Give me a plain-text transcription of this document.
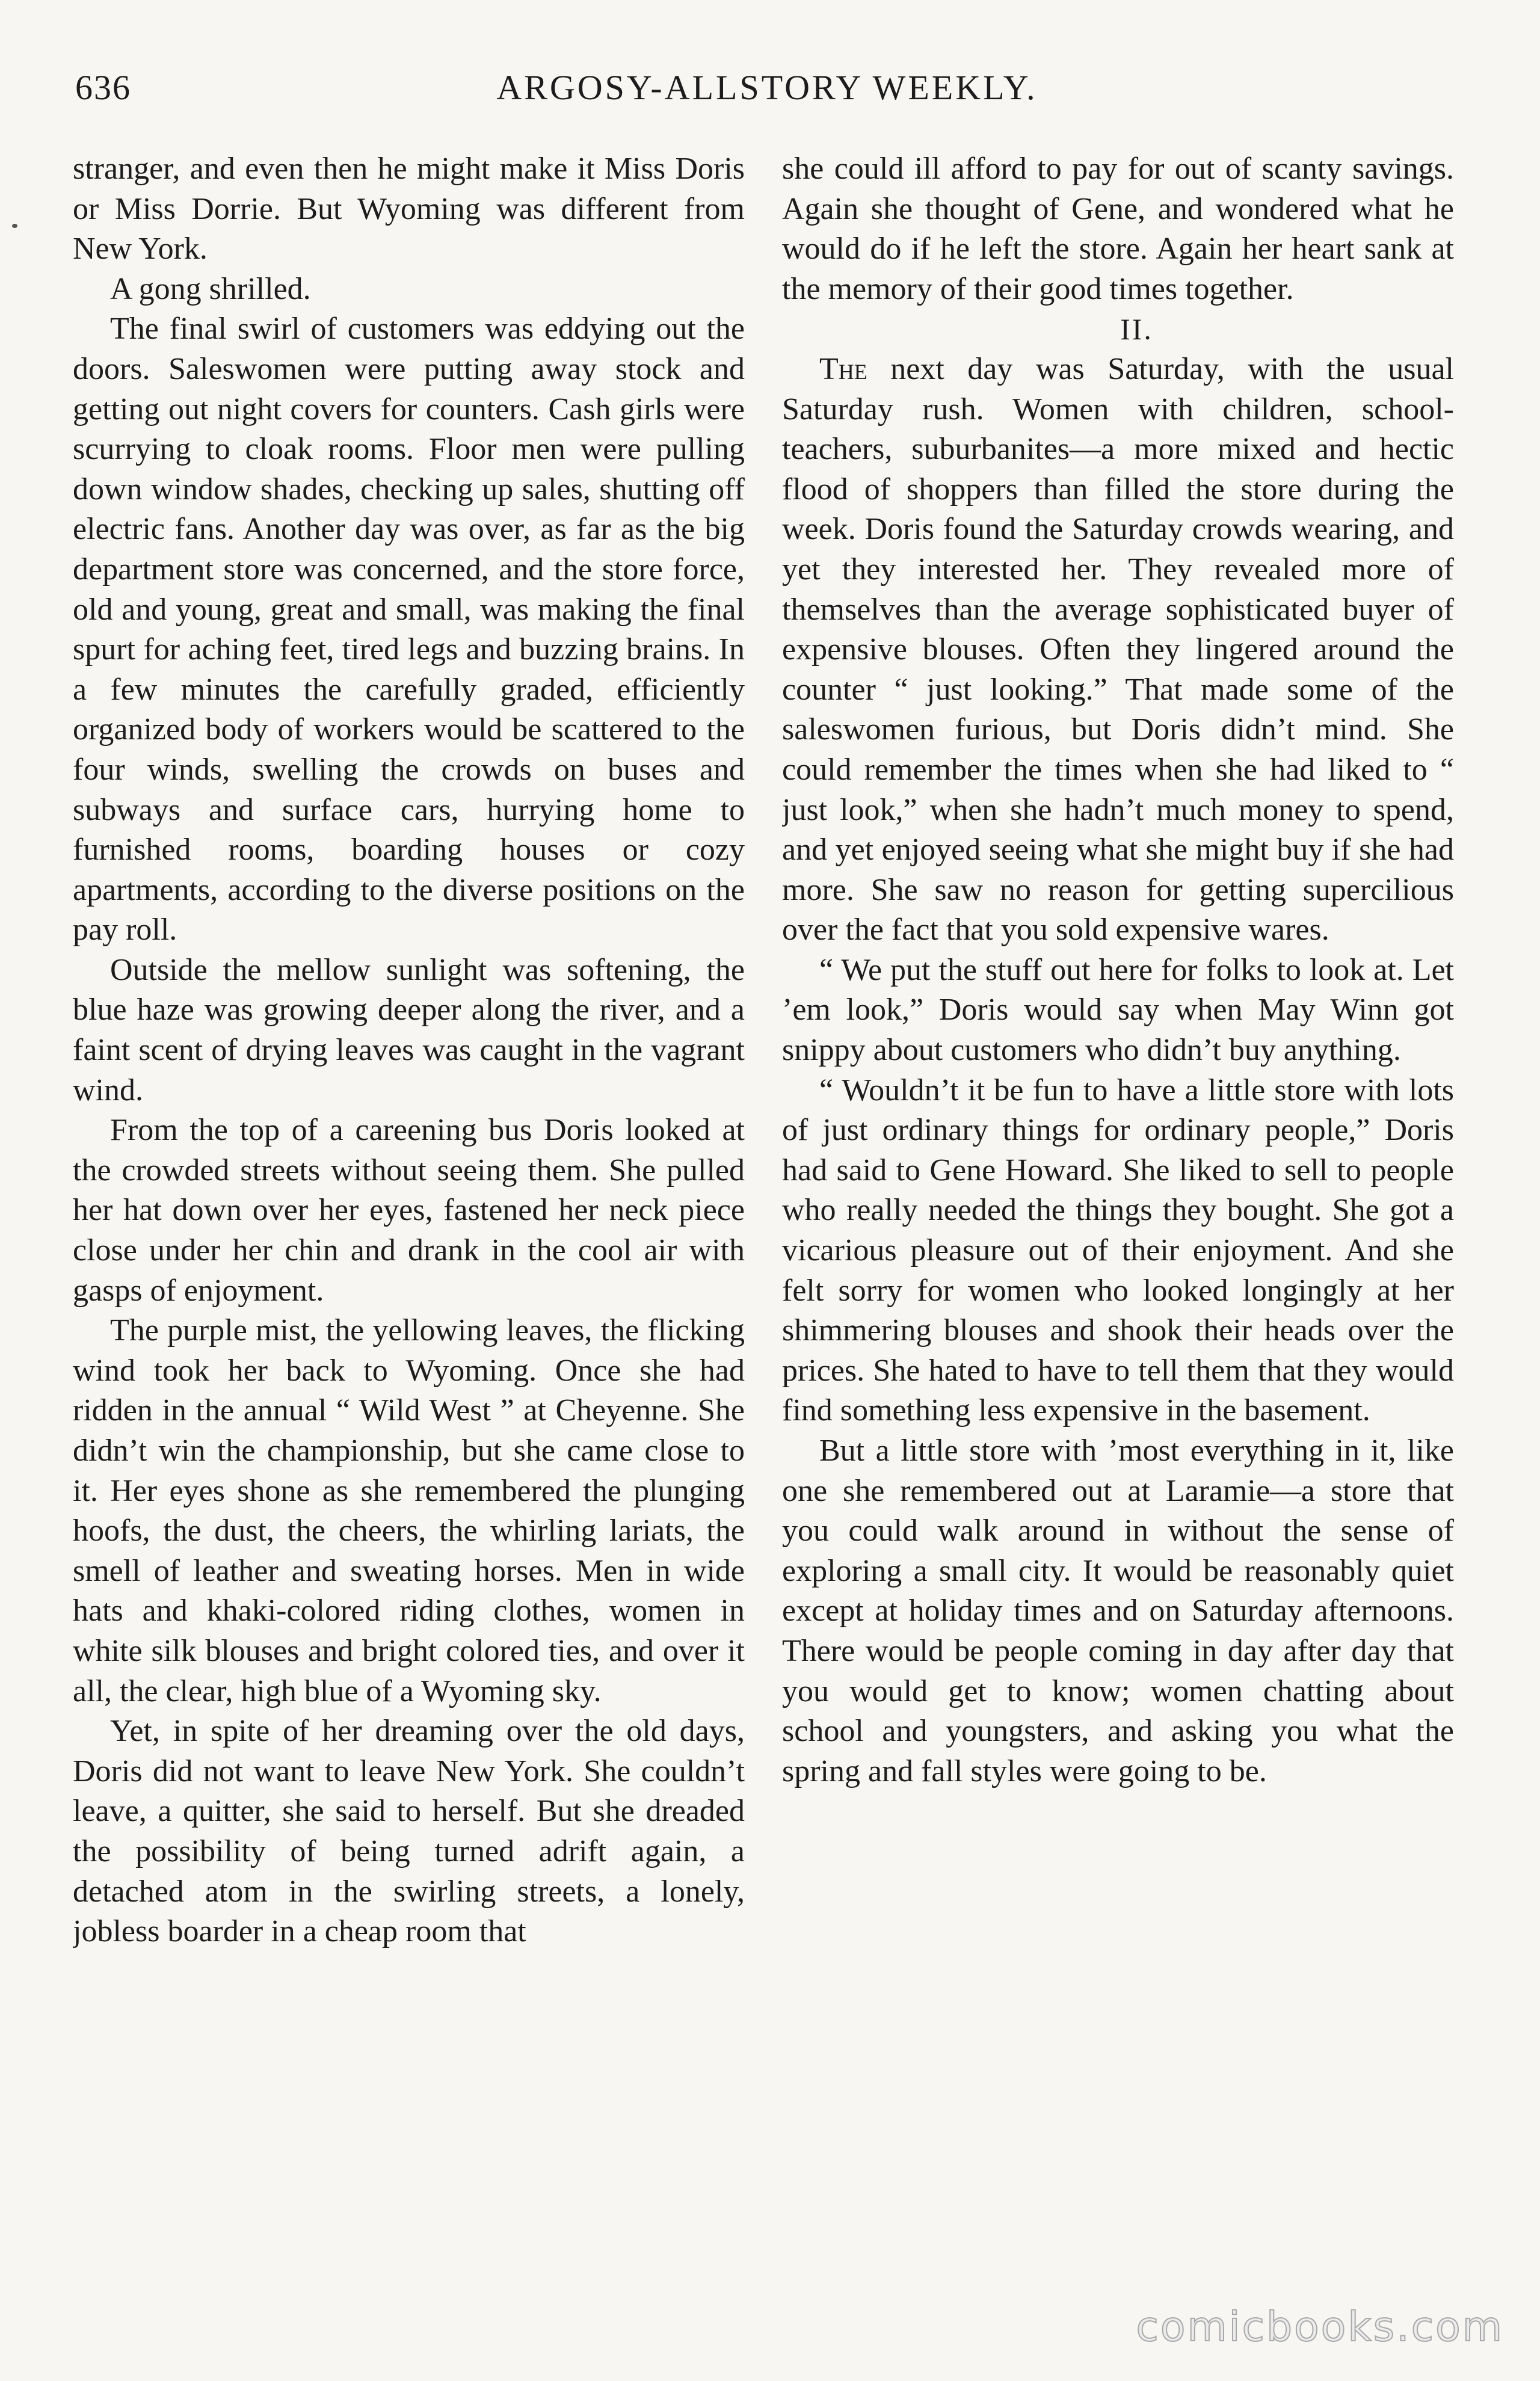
636	ARGOSY-ALLSTORY WEEKLY.

stranger, and even then he might make it Miss Doris or Miss Dorrie. But Wyoming was different from New York.

A gong shrilled.

The final swirl of customers was eddying out the doors. Saleswomen were putting away stock and getting out night covers for counters. Cash girls were scurrying to cloak rooms. Floor men were pulling down window shades, checking up sales, shutting off electric fans. Another day was over, as far as the big department store was concerned, and the store force, old and young, great and small, was making the final spurt for aching feet, tired legs and buzzing brains. In a few minutes the carefully graded, efficiently organized body of workers would be scattered to the four winds, swelling the crowds on buses and subways and surface cars, hurrying home to furnished rooms, boarding houses or cozy apartments, according to the diverse positions on the pay roll.

Outside the mellow sunlight was softening, the blue haze was growing deeper along the river, and a faint scent of drying leaves was caught in the vagrant wind.

From the top of a careening bus Doris looked at the crowded streets without seeing them. She pulled her hat down over her eyes, fastened her neck piece close under her chin and drank in the cool air with gasps of enjoyment.

The purple mist, the yellowing leaves, the flicking wind took her back to Wyoming. Once she had ridden in the annual “ Wild West ” at Cheyenne. She didn’t win the championship, but she came close to it. Her eyes shone as she remembered the plunging hoofs, the dust, the cheers, the whirling lariats, the smell of leather and sweating horses. Men in wide hats and khaki-colored riding clothes, women in white silk blouses and bright colored ties, and over it all, the clear, high blue of a Wyoming sky.

Yet, in spite of her dreaming over the old days, Doris did not want to leave New York. She couldn’t leave, a quitter, she said to herself. But she dreaded the possibility of being turned adrift again, a detached atom in the swirling streets, a lonely, jobless boarder in a cheap room that

she could ill afford to pay for out of scanty savings. Again she thought of Gene, and wondered what he would do if he left the store. Again her heart sank at the memory of their good times together.

II.

The next day was Saturday, with the usual Saturday rush. Women with children, school-teachers, suburbanites—a more mixed and hectic flood of shoppers than filled the store during the week. Doris found the Saturday crowds wearing, and yet they interested her. They revealed more of themselves than the average sophisticated buyer of expensive blouses. Often they lingered around the counter “ just looking.” That made some of the saleswomen furious, but Doris didn’t mind. She could remember the times when she had liked to “ just look,” when she hadn’t much money to spend, and yet enjoyed seeing what she might buy if she had more. She saw no reason for getting supercilious over the fact that you sold expensive wares.

“ We put the stuff out here for folks to look at. Let ’em look,” Doris would say when May Winn got snippy about customers who didn’t buy anything.

“ Wouldn’t it be fun to have a little store with lots of just ordinary things for ordinary people,” Doris had said to Gene Howard. She liked to sell to people who really needed the things they bought. She got a vicarious pleasure out of their enjoyment. And she felt sorry for women who looked longingly at her shimmering blouses and shook their heads over the prices. She hated to have to tell them that they would find something less expensive in the basement.

But a little store with ’most everything in it, like one she remembered out at Laramie—a store that you could walk around in without the sense of exploring a small city. It would be reasonably quiet except at holiday times and on Saturday afternoons. There would be people coming in day after day that you would get to know; women chatting about school and youngsters, and asking you what the spring and fall styles were going to be.

comicbooks.com
